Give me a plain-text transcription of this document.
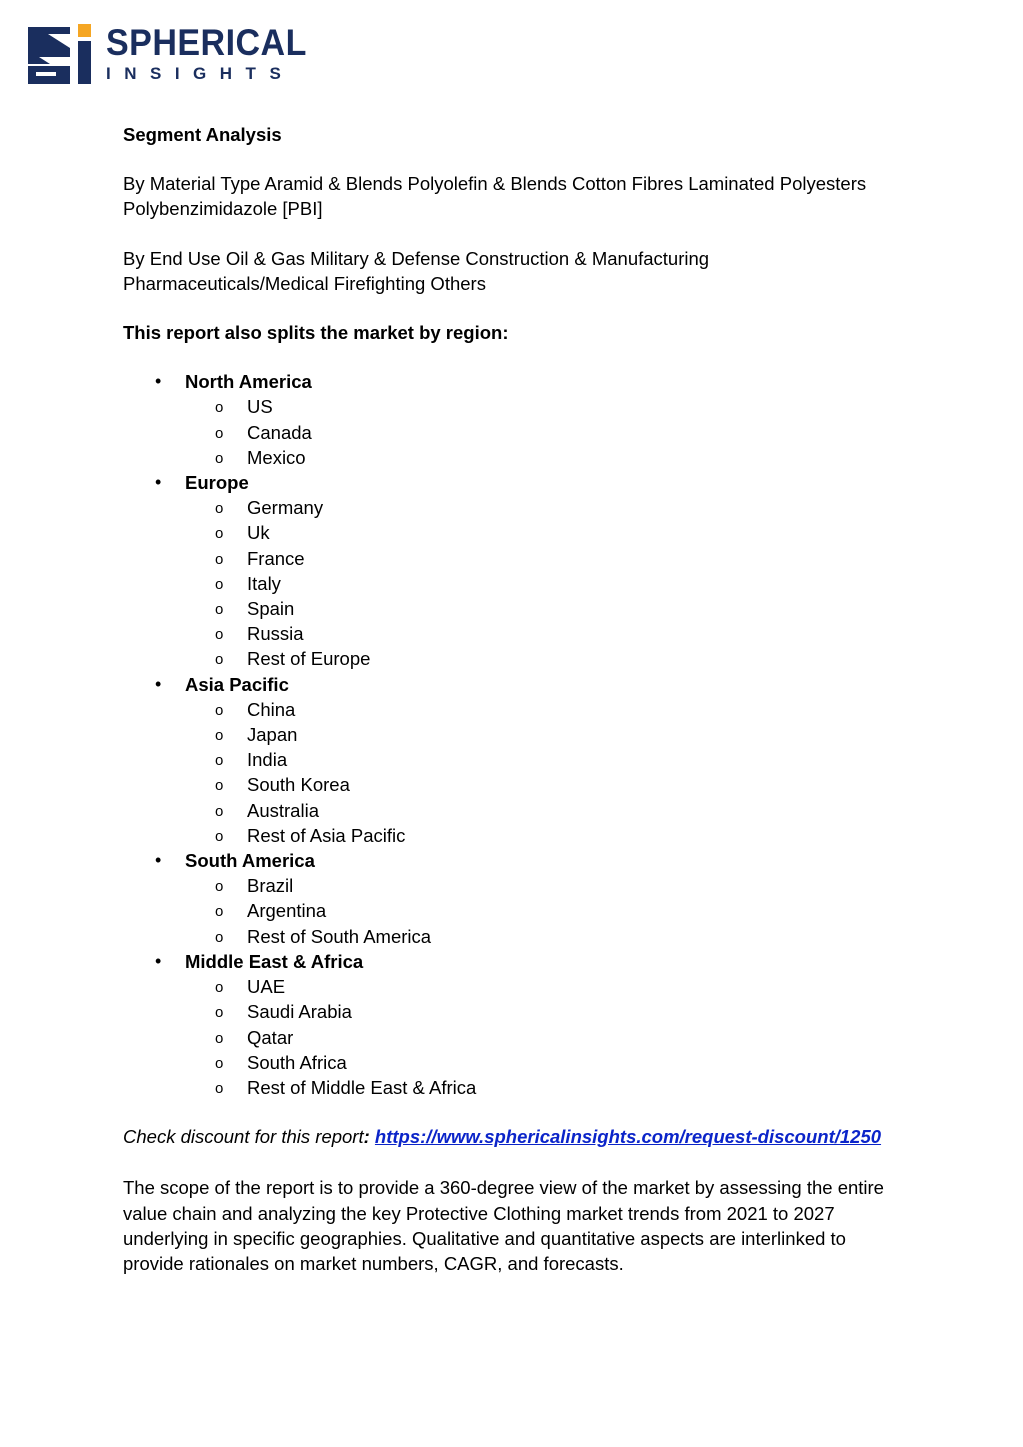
SPHERICAL
INSIGHTS

Segment Analysis

By Material Type Aramid & Blends Polyolefin & Blends Cotton Fibres Laminated Polyesters Polybenzimidazole [PBI]

By End Use Oil & Gas Military & Defense Construction & Manufacturing Pharmaceuticals/Medical Firefighting Others

This report also splits the market by region:

• North America
o US
o Canada
o Mexico
• Europe
o Germany
o Uk
o France
o Italy
o Spain
o Russia
o Rest of Europe
• Asia Pacific
o China
o Japan
o India
o South Korea
o Australia
o Rest of Asia Pacific
• South America
o Brazil
o Argentina
o Rest of South America
• Middle East & Africa
o UAE
o Saudi Arabia
o Qatar
o South Africa
o Rest of Middle East & Africa

Check discount for this report: https://www.sphericalinsights.com/request-discount/1250

The scope of the report is to provide a 360-degree view of the market by assessing the entire value chain and analyzing the key Protective Clothing market trends from 2021 to 2027 underlying in specific geographies. Qualitative and quantitative aspects are interlinked to provide rationales on market numbers, CAGR, and forecasts.
